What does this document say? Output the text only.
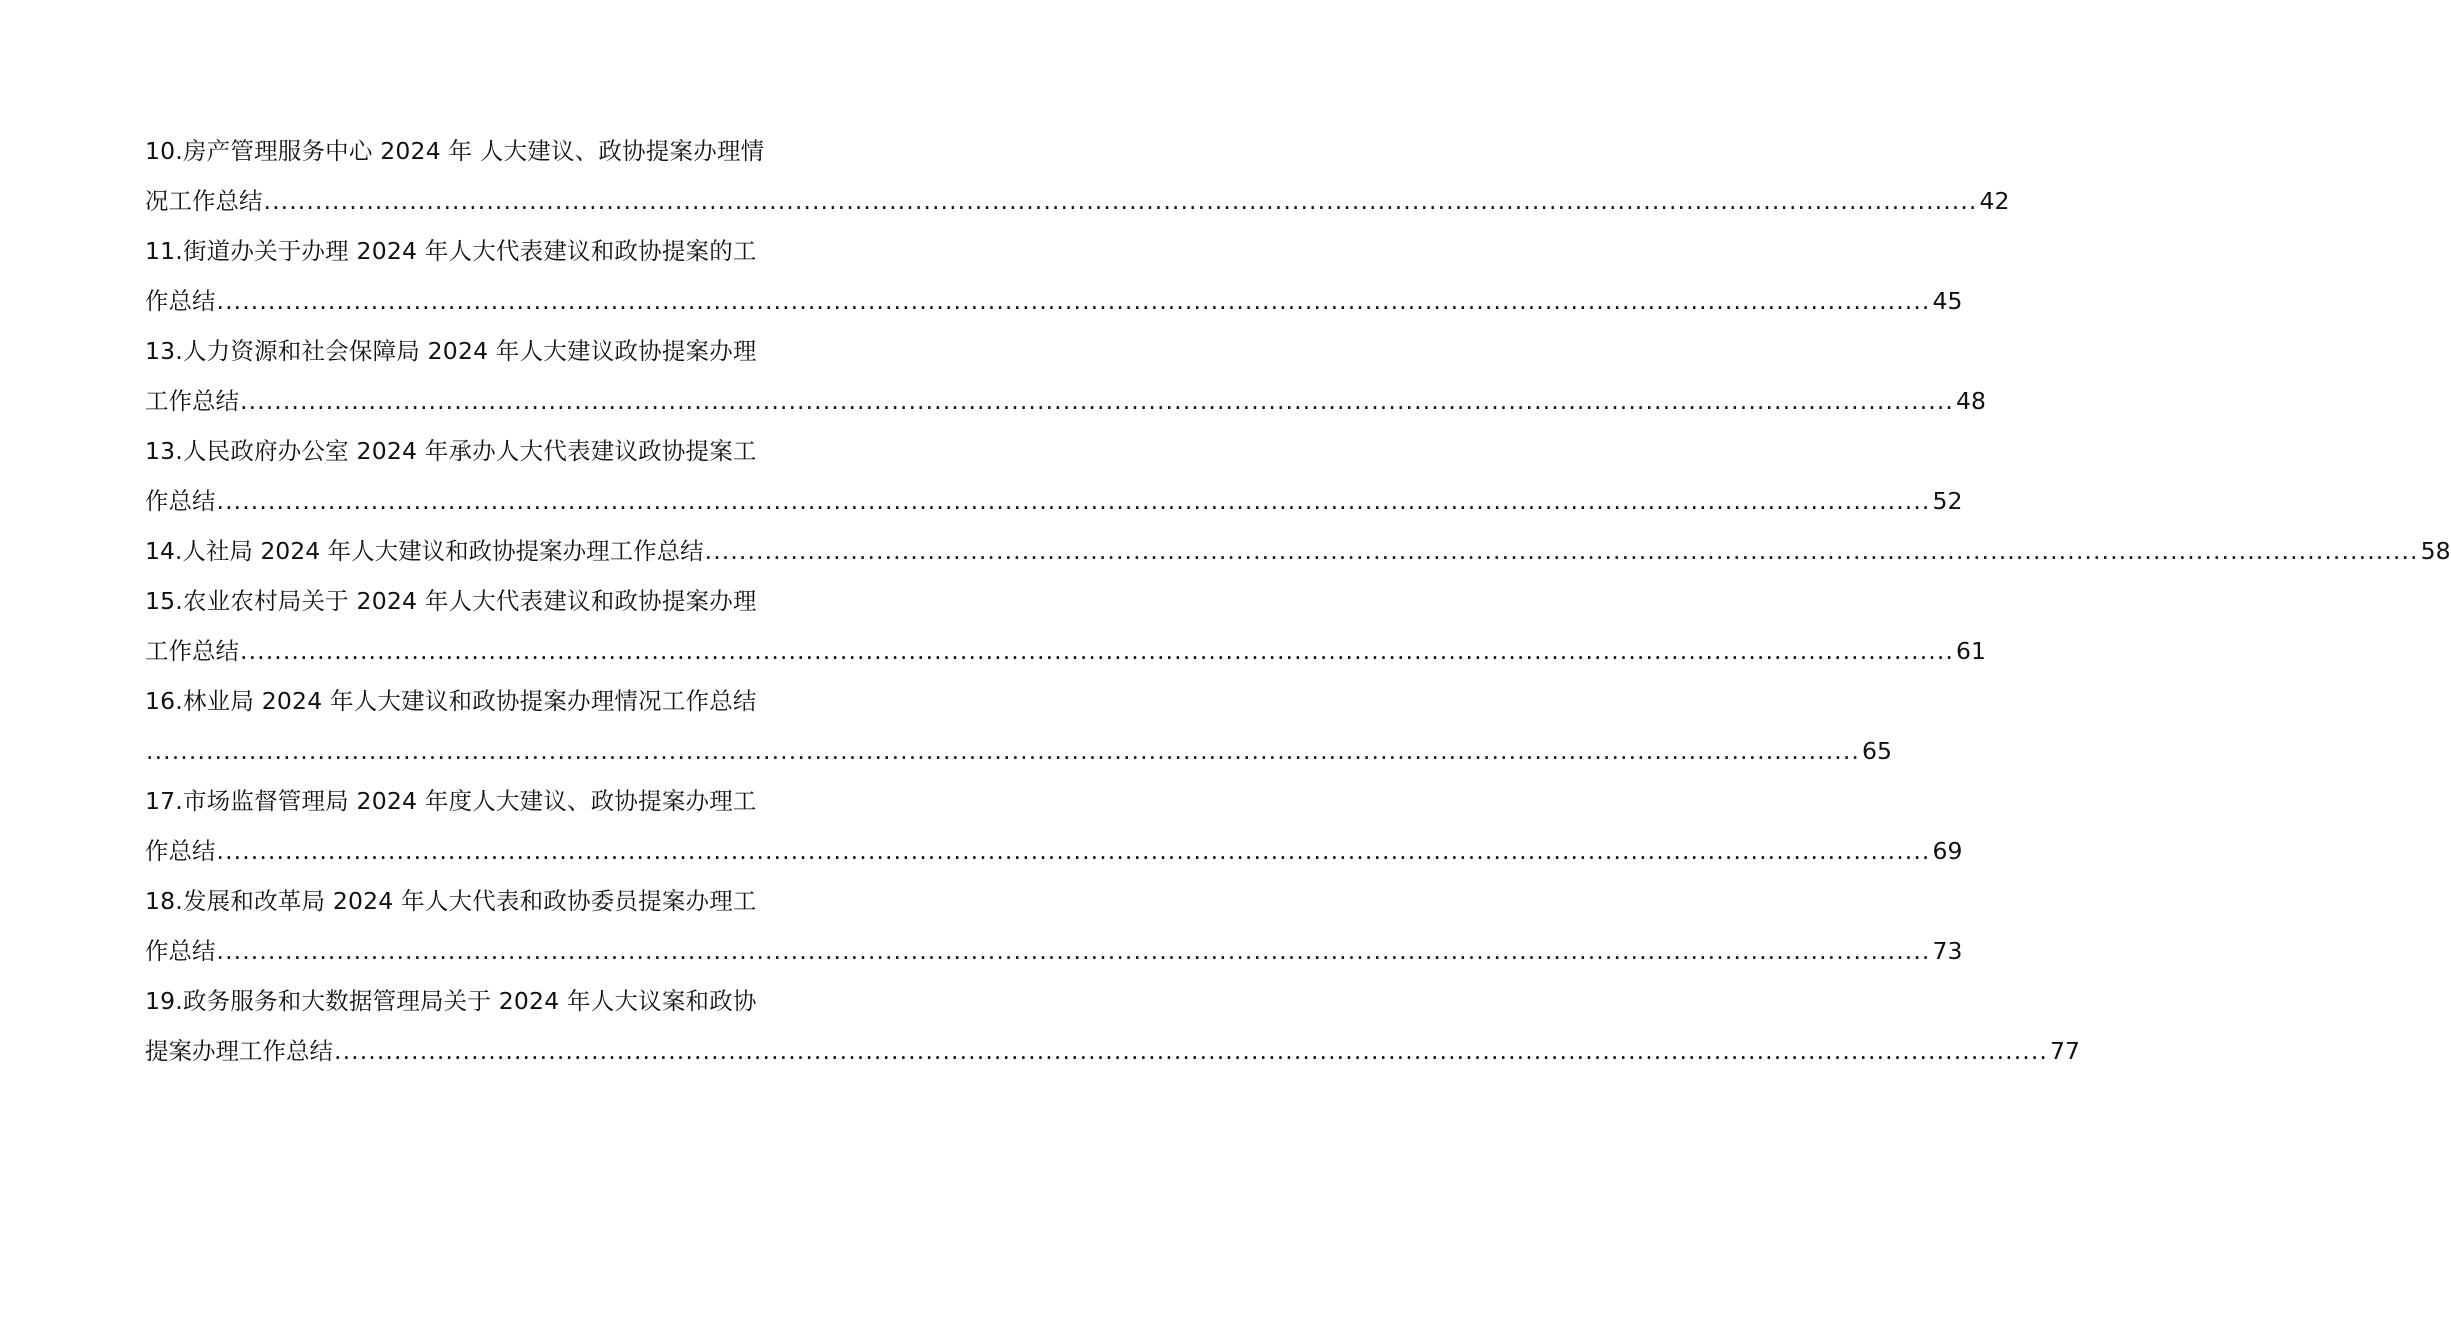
10.房产管理服务中心 2024 年 人大建议、政协提案办理情
况工作总结 ........................................................................................................................................................................................................ 42
11.街道办关于办理 2024 年人大代表建议和政协提案的工
作总结 ........................................................................................................................................................................................................ 45
13.人力资源和社会保障局 2024 年人大建议政协提案办理
工作总结 ........................................................................................................................................................................................................ 48
13.人民政府办公室 2024 年承办人大代表建议政协提案工
作总结 ........................................................................................................................................................................................................ 52
14.人社局 2024 年人大建议和政协提案办理工作总结 ........................................................................................................................................................................................................ 58
15.农业农村局关于 2024 年人大代表建议和政协提案办理
工作总结 ........................................................................................................................................................................................................ 61
16.林业局 2024 年人大建议和政协提案办理情况工作总结
........................................................................................................................................................................................................ 65
17.市场监督管理局 2024 年度人大建议、政协提案办理工
作总结 ........................................................................................................................................................................................................ 69
18.发展和改革局 2024 年人大代表和政协委员提案办理工
作总结 ........................................................................................................................................................................................................ 73
19.政务服务和大数据管理局关于 2024 年人大议案和政协
提案办理工作总结 ........................................................................................................................................................................................................ 77
